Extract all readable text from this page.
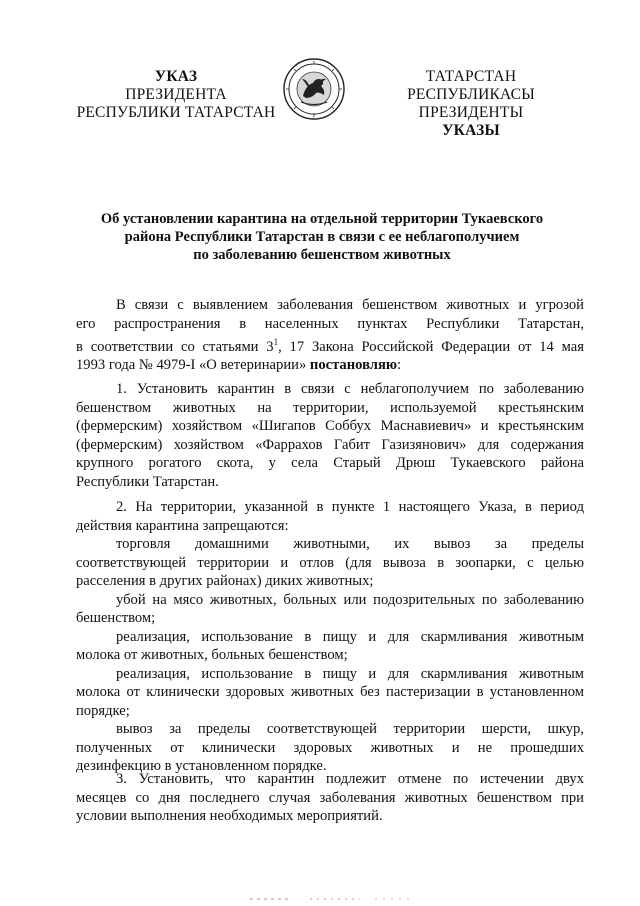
УКАЗ
ПРЕЗИДЕНТА
РЕСПУБЛИКИ ТАТАРСТАН
ТАТАРСТАН РЕСПУБЛИКАСЫ
ПРЕЗИДЕНТЫ
УКАЗЫ
Об установлении карантина на отдельной территории Тукаевского
района Республики Татарстан в связи с ее неблагополучием
по заболеванию бешенством животных
В связи с выявлением заболевания бешенством животных и угрозой
его распространения в населенных пунктах Республики Татарстан,
в соответствии со статьями $3^1$, 17 Закона Российской Федерации от 14 мая
1993 года № 4979-I «О ветеринарии» постановляю:
1. Установить карантин в связи с неблагополучием по заболеванию
бешенством животных на территории, используемой крестьянским
(фермерским) хозяйством «Шигапов Соббух Маснавиевич» и крестьянским
(фермерским) хозяйством «Фаррахов Габит Газизянович» для содержания
крупного рогатого скота, у села Старый Дрюш Тукаевского района
Республики Татарстан.
2. На территории, указанной в пункте 1 настоящего Указа, в период
действия карантина запрещаются:
торговля домашними животными, их вывоз за пределы
соответствующей территории и отлов (для вывоза в зоопарки, с целью
расселения в других районах) диких животных;
убой на мясо животных, больных или подозрительных по заболеванию
бешенством;
реализация, использование в пищу и для скармливания животным
молока от животных, больных бешенством;
реализация, использование в пищу и для скармливания животным
молока от клинически здоровых животных без пастеризации в установленном
порядке;
вывоз за пределы соответствующей территории шерсти, шкур,
полученных от клинически здоровых животных и не прошедших
дезинфекцию в установленном порядке.
3. Установить, что карантин подлежит отмене по истечении двух
месяцев со дня последнего случая заболевания животных бешенством при
условии выполнения необходимых мероприятий.
